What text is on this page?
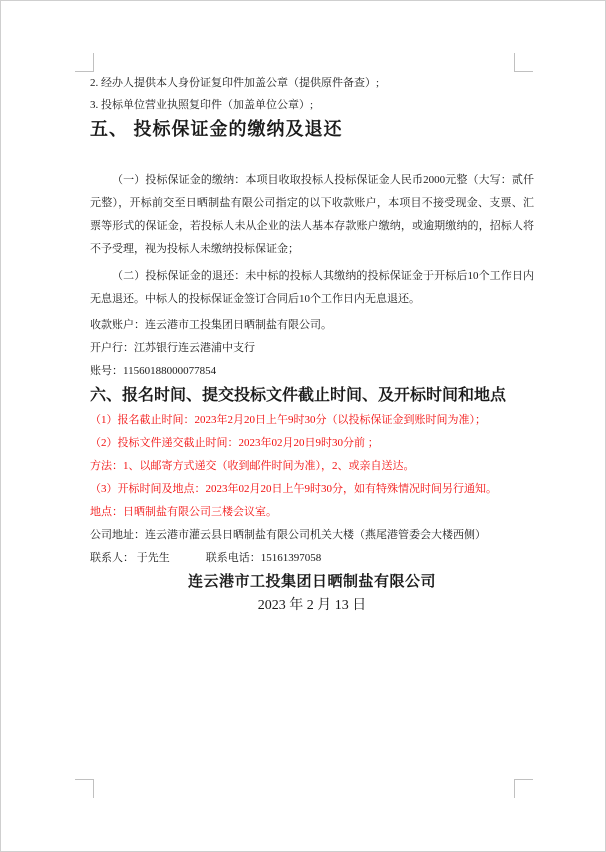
2. 经办人提供本人身份证复印件加盖公章（提供原件备查）;

3. 投标单位营业执照复印件（加盖单位公章）;

五、 投标保证金的缴纳及退还

（一）投标保证金的缴纳：本项目收取投标人投标保证金人民币2000元整（大写：贰仟元整），开标前交至日晒制盐有限公司指定的以下收款账户，本项目不接受现金、支票、汇票等形式的保证金，若投标人未从企业的法人基本存款账户缴纳，或逾期缴纳的，招标人将不予受理，视为投标人未缴纳投标保证金；

（二）投标保证金的退还：未中标的投标人其缴纳的投标保证金于开标后10个工作日内无息退还。中标人的投标保证金签订合同后10个工作日内无息退还。

收款账户：连云港市工投集团日晒制盐有限公司。

开户行：江苏银行连云港浦中支行

账号：11560188000077854

六、报名时间、提交投标文件截止时间、及开标时间和地点

（1）报名截止时间：2023年2月20日上午9时30分（以投标保证金到账时间为准）；

（2）投标文件递交截止时间：2023年02月20日9时30分前 ；

方法：1、以邮寄方式递交（收到邮件时间为准），2、或亲自送达。

（3）开标时间及地点：2023年02月20日上午9时30分，如有特殊情况时间另行通知。

地点：日晒制盐有限公司三楼会议室。

公司地址：连云港市灌云县日晒制盐有限公司机关大楼（燕尾港管委会大楼西侧）

联系人： 于先生	联系电话：15161397058

连云港市工投集团日晒制盐有限公司

2023 年 2 月 13 日
